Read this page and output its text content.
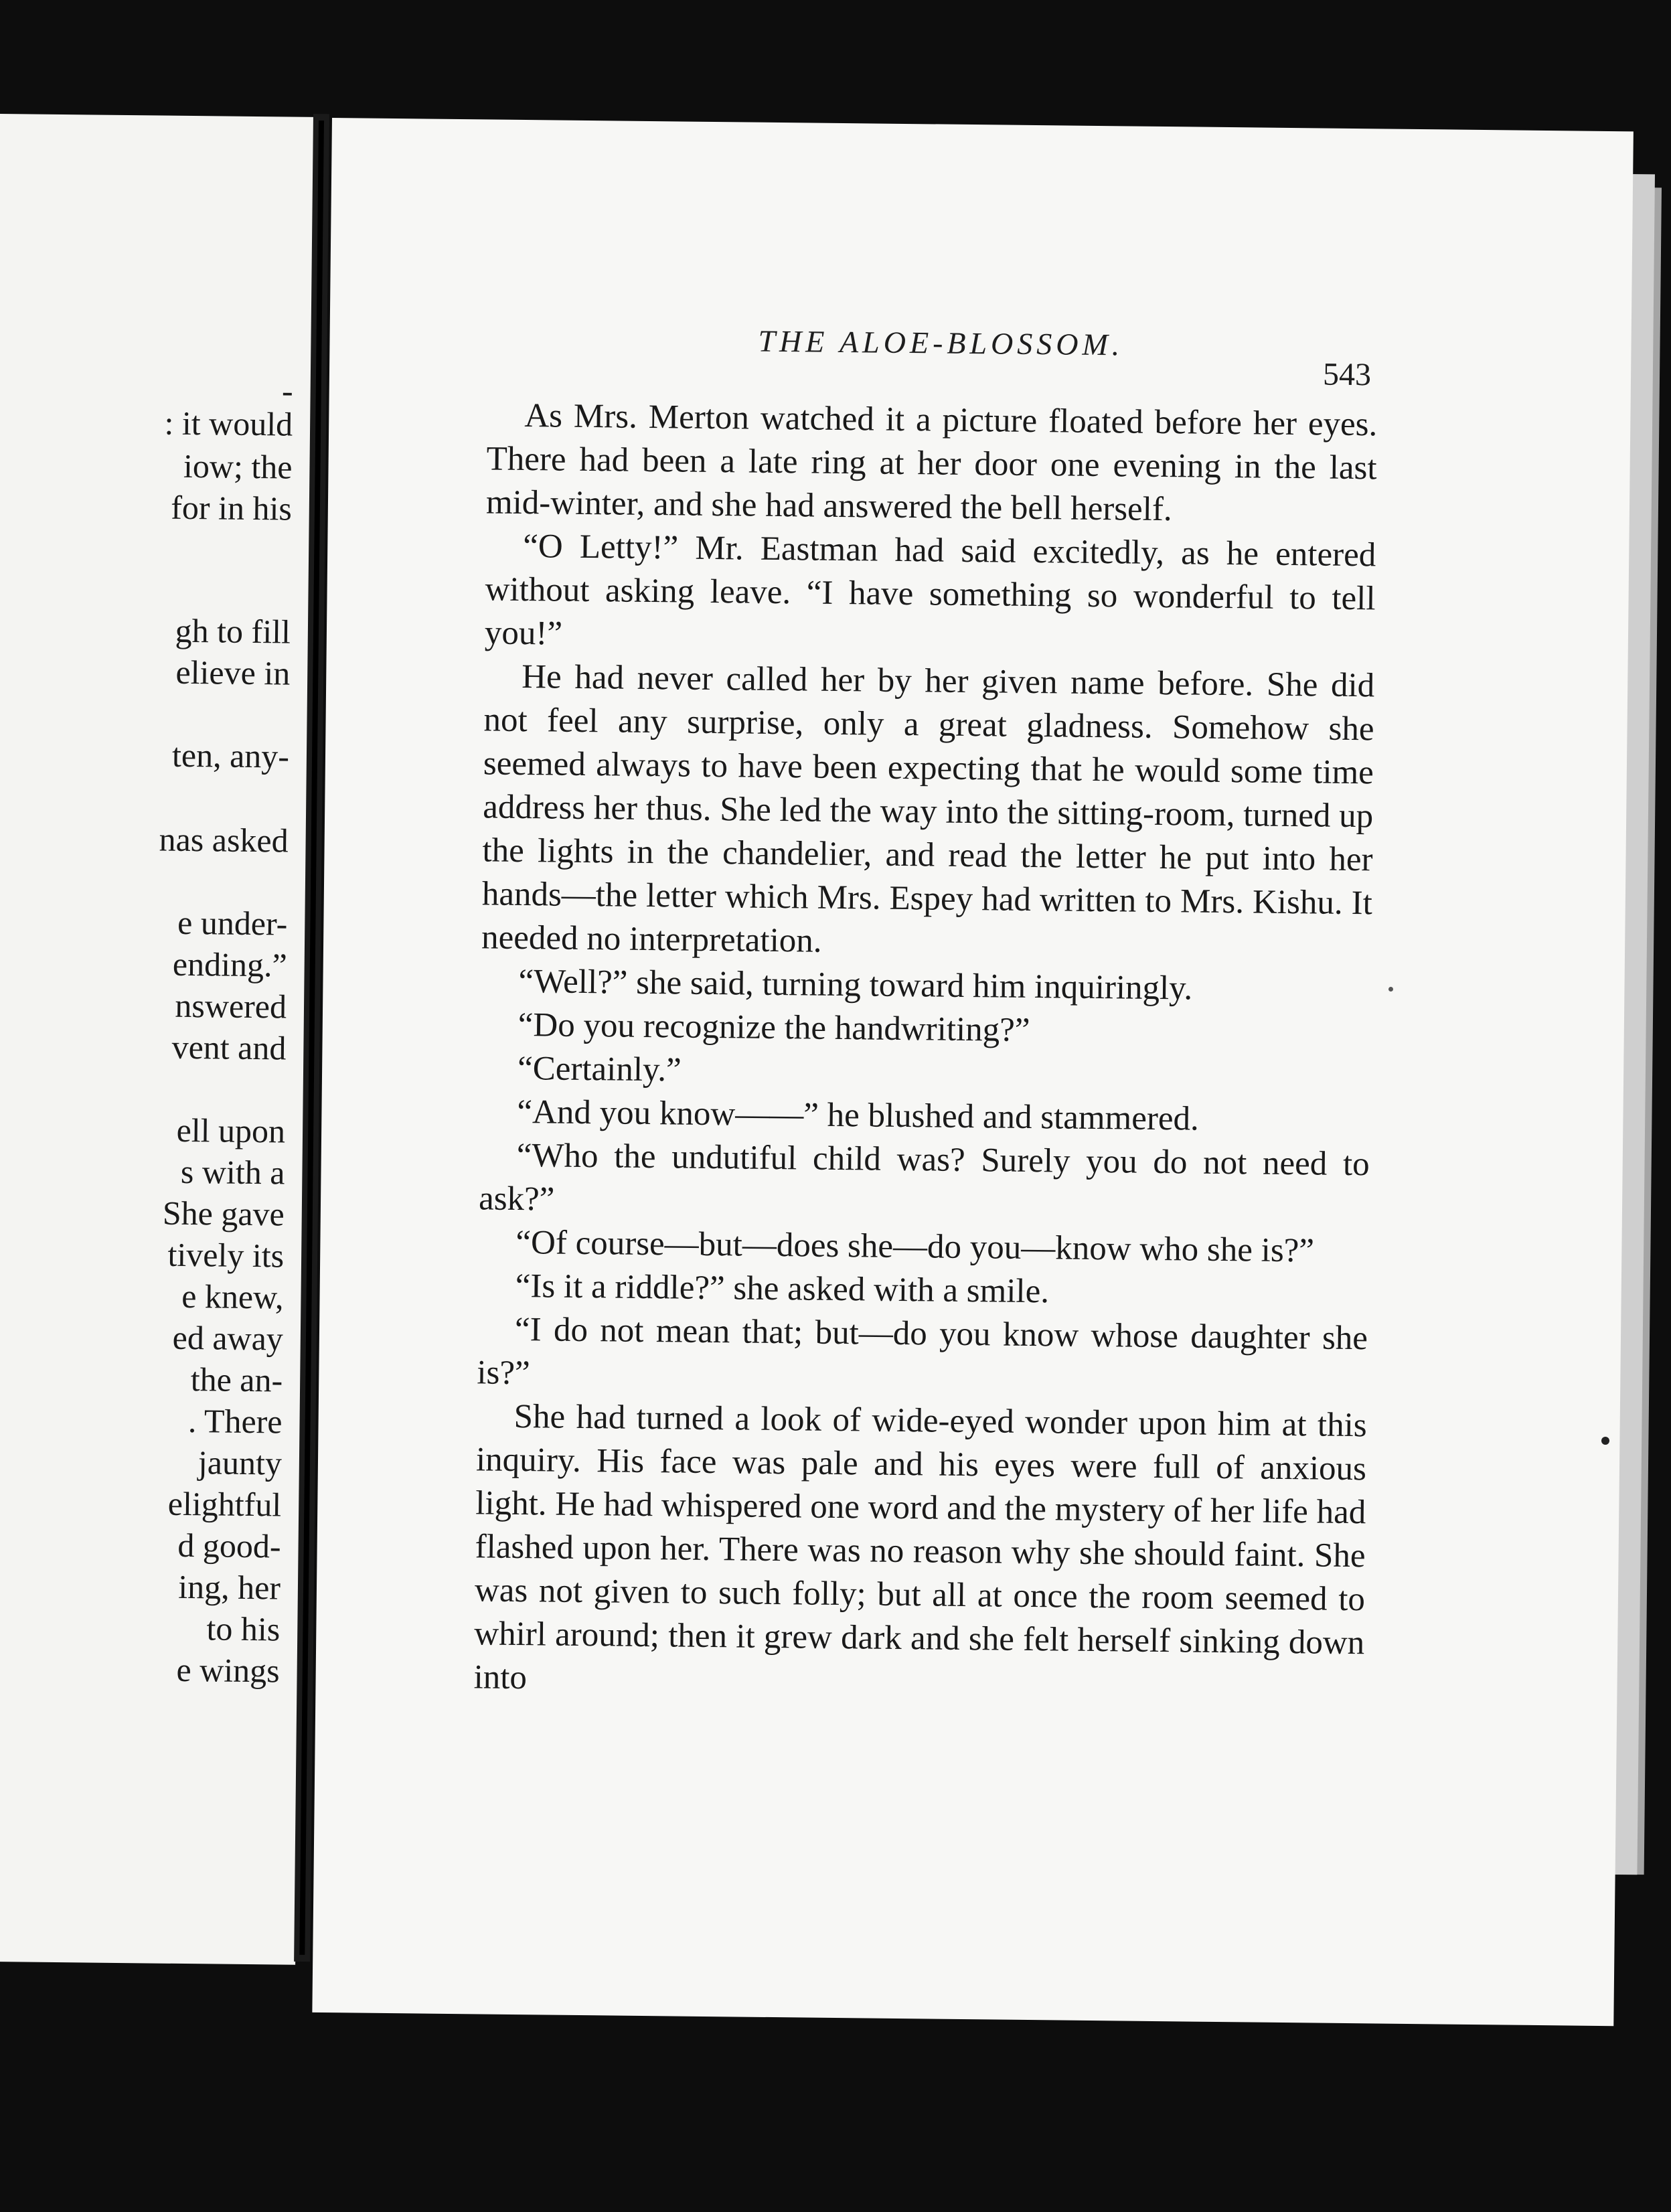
-
: it would
iow; the
for in his
gh to fill
elieve in
ten, any-
nas asked
e under-
ending.”
nswered
vent and
ell upon
s with a
She gave
tively its
e knew,
ed away
the an-
. There
jaunty
elightful
d good-
ing, her
to his
e wings
THE ALOE-BLOSSOM.
543

As Mrs. Merton watched it a picture floated before her eyes. There had been a late ring at her door one evening in the last mid-winter, and she had answered the bell herself.

“O Letty!” Mr. Eastman had said excitedly, as he entered without asking leave. “I have something so wonderful to tell you!”

He had never called her by her given name before. She did not feel any surprise, only a great gladness. Somehow she seemed always to have been expecting that he would some time address her thus. She led the way into the sitting-room, turned up the lights in the chandelier, and read the letter he put into her hands—the letter which Mrs. Espey had written to Mrs. Kishu. It needed no interpretation.

“Well?” she said, turning toward him inquiringly.

“Do you recognize the handwriting?”

“Certainly.”

“And you know——” he blushed and stammered.

“Who the undutiful child was? Surely you do not need to ask?”

“Of course—but—does she—do you—know who she is?”

“Is it a riddle?” she asked with a smile.

“I do not mean that; but—do you know whose daughter she is?”

She had turned a look of wide-eyed wonder upon him at this inquiry. His face was pale and his eyes were full of anxious light. He had whispered one word and the mystery of her life had flashed upon her. There was no reason why she should faint. She was not given to such folly; but all at once the room seemed to whirl around; then it grew dark and she felt herself sinking down into
